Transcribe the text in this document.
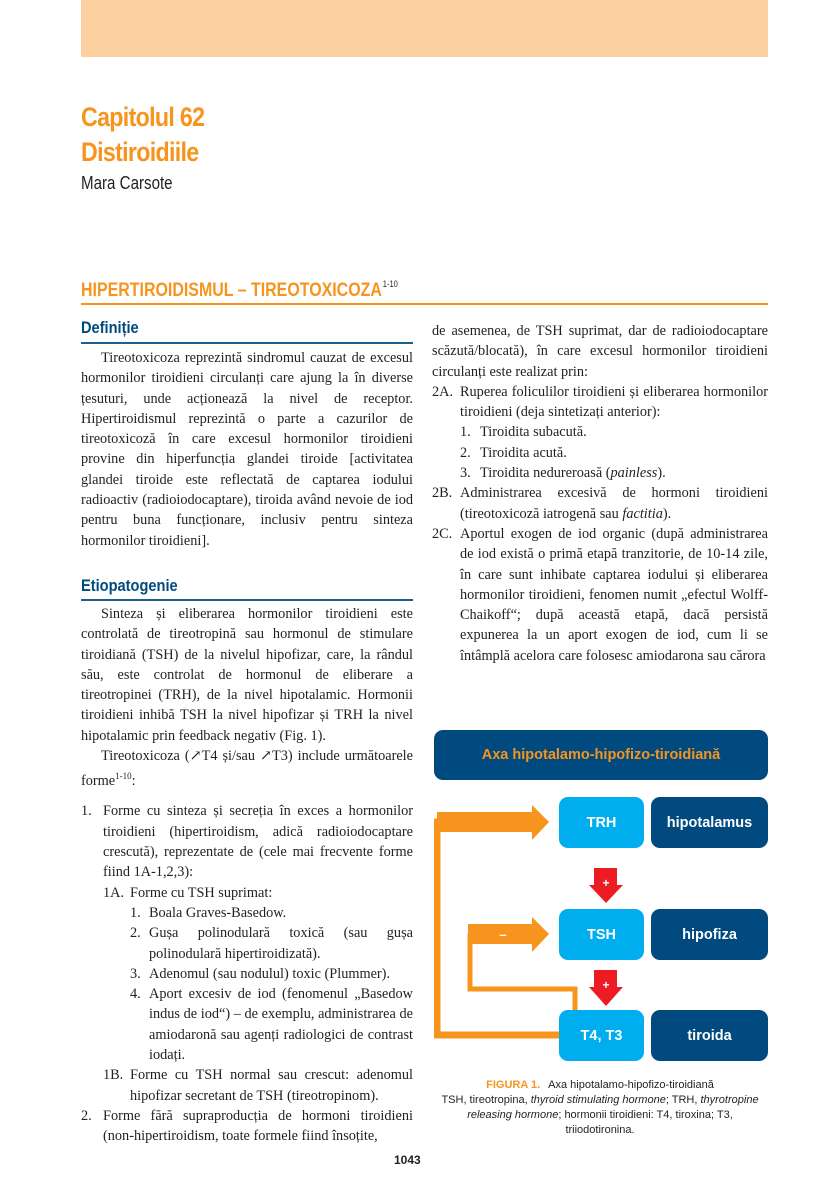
Capitolul 62
Distiroidiile
Mara Carsote
HIPERTIROIDISMUL – TIREOTOXICOZA$^{1-10}$
Definiție

Tireotoxicoza reprezintă sindromul cauzat de excesul hormonilor tiroidieni circulanți care ajung la în diverse țesuturi, unde acționează la nivel de receptor. Hipertiroidismul reprezintă o parte a cazurilor de tireotoxicoză în care excesul hormonilor tiroidieni provine din hiperfuncția glandei tiroide [activitatea glandei tiroide este reflectată de captarea iodului radioactiv (radioiodocaptare), tiroida având nevoie de iod pentru buna funcționare, inclusiv pentru sinteza hormonilor tiroidieni].

Etiopatogenie

Sinteza și eliberarea hormonilor tiroidieni este controlată de tireotropină sau hormonul de stimulare tiroidiană (TSH) de la nivelul hipofizar, care, la rândul său, este controlat de hormonul de eliberare a tireotropinei (TRH), de la nivel hipotalamic. Hormonii tiroidieni inhibă TSH la nivel hipofizar și TRH la nivel hipotalamic prin feedback negativ (Fig. 1).

Tireotoxicoza (↗T4 și/sau ↗T3) include următoarele forme$^{1-10}$:

1. Forme cu sinteza și secreția în exces a hormonilor tiroidieni (hipertiroidism, adică radioiodocaptare crescută), reprezentate de (cele mai frecvente forme fiind 1A-1,2,3):
1A. Forme cu TSH suprimat:
1. Boala Graves-Basedow.
2. Gușa polinodulară toxică (sau gușa polinodulară hipertiroidizată).
3. Adenomul (sau nodulul) toxic (Plummer).
4. Aport excesiv de iod (fenomenul „Basedow indus de iod“) – de exemplu, administrarea de amiodaronă sau agenți radiologici de contrast iodați.
1B. Forme cu TSH normal sau crescut: adenomul hipofizar secretant de TSH (tireotropinom).
2. Forme fără supraproducția de hormoni tiroidieni (non-hipertiroidism, toate formele fiind însoțite,

de asemenea, de TSH suprimat, dar de radioiodocaptare scăzută/blocată), în care excesul hormonilor tiroidieni circulanți este realizat prin:

2A. Ruperea foliculilor tiroidieni și eliberarea hormonilor tiroidieni (deja sintetizați anterior):
1. Tiroidita subacută.
2. Tiroidita acută.
3. Tiroidita nedureroasă (painless).
2B. Administrarea excesivă de hormoni tiroidieni (tireotoxicoză iatrogenă sau factitia).
2C. Aportul exogen de iod organic (după administrarea de iod există o primă etapă tranzitorie, de 10-14 zile, în care sunt inhibate captarea iodului și eliberarea hormonilor tiroidieni, fenomen numit „efectul Wolff-Chaikoff“; după această etapă, dacă persistă expunerea la un aport exogen de iod, cum li se întâmplă acelora care folosesc amiodarona sau cărora
Axa hipotalamo-hipofizo-tiroidiană
–
+
+
TRH	hipotalamus
TSH	hipofiza
T4, T3	tiroida
FIGURA 1. Axa hipotalamo-hipofizo-tiroidiană
TSH, tireotropina, thyroid stimulating hormone; TRH, thyrotropine releasing hormone; hormonii tiroidieni: T4, tiroxina; T3, triiodotironina.
1043
